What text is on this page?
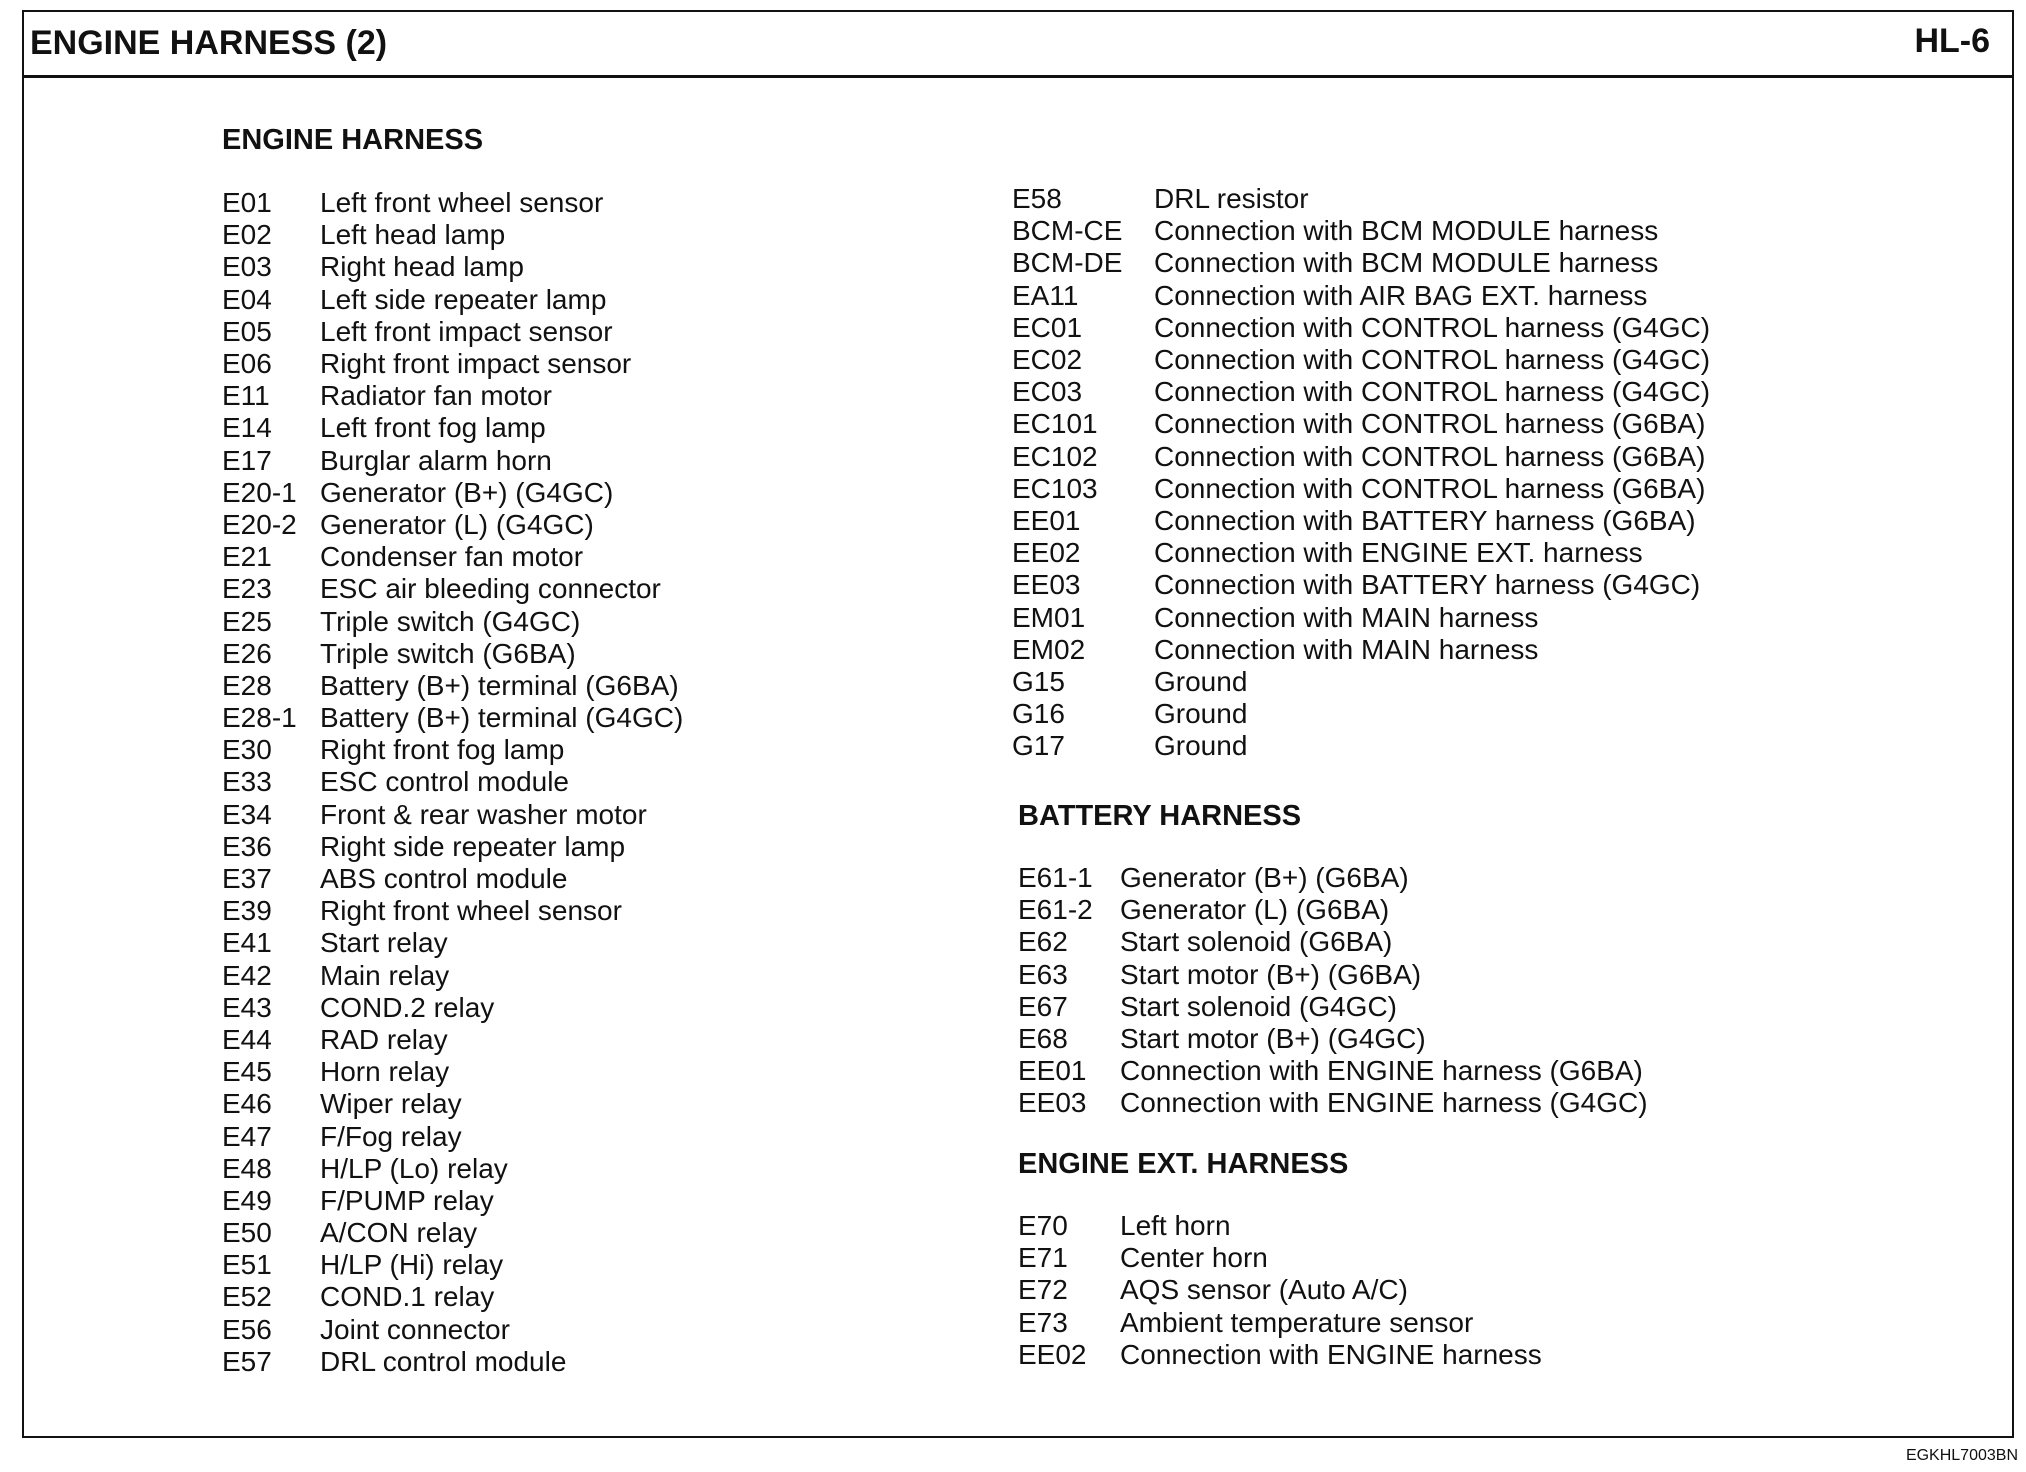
ENGINE HARNESS (2)	HL-6
ENGINE HARNESS
E01	Left front wheel sensor
E02	Left head lamp
E03	Right head lamp
E04	Left side repeater lamp
E05	Left front impact sensor
E06	Right front impact sensor
E11	Radiator fan motor
E14	Left front fog lamp
E17	Burglar alarm horn
E20-1 Generator (B+) (G4GC)
E20-2 Generator (L) (G4GC)
E21	Condenser fan motor
E23	ESC air bleeding connector
E25	Triple switch (G4GC)
E26	Triple switch (G6BA)
E28	Battery (B+) terminal (G6BA)
E28-1 Battery (B+) terminal (G4GC)
E30	Right front fog lamp
E33	ESC control module
E34	Front & rear washer motor
E36	Right side repeater lamp
E37	ABS control module
E39	Right front wheel sensor
E41	Start relay
E42	Main relay
E43	COND.2 relay
E44	RAD relay
E45	Horn relay
E46	Wiper relay
E47	F/Fog relay
E48	H/LP (Lo) relay
E49	F/PUMP relay
E50	A/CON relay
E51	H/LP (Hi) relay
E52	COND.1 relay
E56	Joint connector
E57	DRL control module
E58	DRL resistor
BCM-CE	Connection with BCM MODULE harness
BCM-DE	Connection with BCM MODULE harness
EA11	Connection with AIR BAG EXT. harness
EC01	Connection with CONTROL harness (G4GC)
EC02	Connection with CONTROL harness (G4GC)
EC03	Connection with CONTROL harness (G4GC)
EC101	Connection with CONTROL harness (G6BA)
EC102	Connection with CONTROL harness (G6BA)
EC103	Connection with CONTROL harness (G6BA)
EE01	Connection with BATTERY harness (G6BA)
EE02	Connection with ENGINE EXT. harness
EE03	Connection with BATTERY harness (G4GC)
EM01	Connection with MAIN harness
EM02	Connection with MAIN harness
G15	Ground
G16	Ground
G17	Ground
BATTERY HARNESS
E61-1 Generator (B+) (G6BA)
E61-2 Generator (L) (G6BA)
E62	Start solenoid (G6BA)
E63	Start motor (B+) (G6BA)
E67	Start solenoid (G4GC)
E68	Start motor (B+) (G4GC)
EE01	Connection with ENGINE harness (G6BA)
EE03	Connection with ENGINE harness (G4GC)
ENGINE EXT. HARNESS
E70	Left horn
E71	Center horn
E72	AQS sensor (Auto A/C)
E73	Ambient temperature sensor
EE02	Connection with ENGINE harness
EGKHL7003BN
